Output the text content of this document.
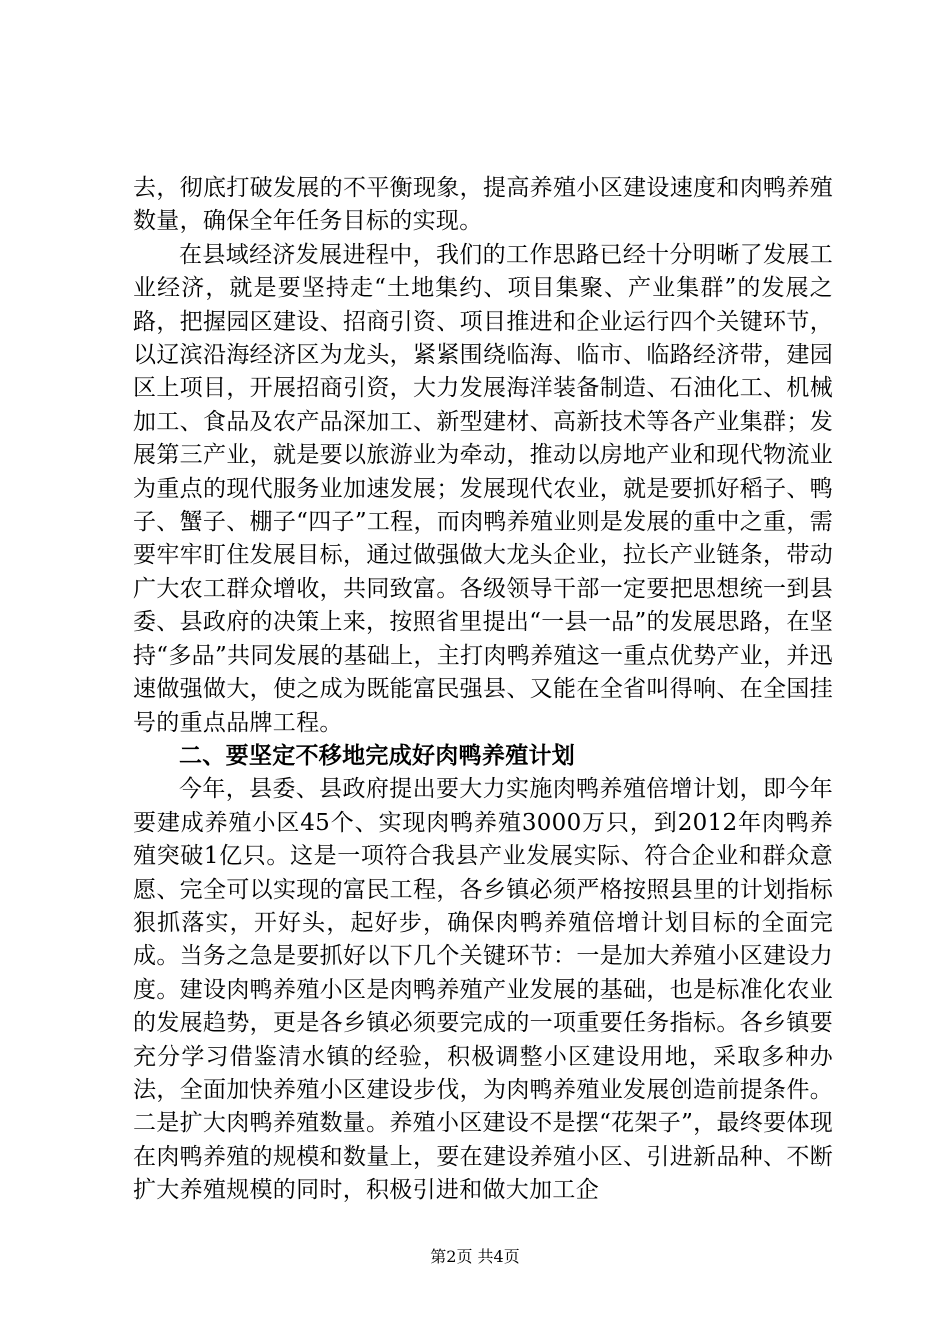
去，彻底打破发展的不平衡现象，提高养殖小区建设速度和肉鸭养殖数量，确保全年任务目标的实现。

在县域经济发展进程中，我们的工作思路已经十分明晰了发展工业经济，就是要坚持走“土地集约、项目集聚、产业集群”的发展之路，把握园区建设、招商引资、项目推进和企业运行四个关键环节，以辽滨沿海经济区为龙头，紧紧围绕临海、临市、临路经济带，建园区上项目，开展招商引资，大力发展海洋装备制造、石油化工、机械加工、食品及农产品深加工、新型建材、高新技术等各产业集群；发展第三产业，就是要以旅游业为牵动，推动以房地产业和现代物流业为重点的现代服务业加速发展；发展现代农业，就是要抓好稻子、鸭子、蟹子、棚子“四子”工程，而肉鸭养殖业则是发展的重中之重，需要牢牢盯住发展目标，通过做强做大龙头企业，拉长产业链条，带动广大农工群众增收，共同致富。各级领导干部一定要把思想统一到县委、县政府的决策上来，按照省里提出“一县一品”的发展思路，在坚持“多品”共同发展的基础上，主打肉鸭养殖这一重点优势产业，并迅速做强做大，使之成为既能富民强县、又能在全省叫得响、在全国挂号的重点品牌工程。

二、要坚定不移地完成好肉鸭养殖计划

今年，县委、县政府提出要大力实施肉鸭养殖倍增计划，即今年要建成养殖小区45个、实现肉鸭养殖3000万只，到2012年肉鸭养殖突破1亿只。这是一项符合我县产业发展实际、符合企业和群众意愿、完全可以实现的富民工程，各乡镇必须严格按照县里的计划指标狠抓落实，开好头，起好步，确保肉鸭养殖倍增计划目标的全面完成。当务之急是要抓好以下几个关键环节：一是加大养殖小区建设力度。建设肉鸭养殖小区是肉鸭养殖产业发展的基础，也是标准化农业的发展趋势，更是各乡镇必须要完成的一项重要任务指标。各乡镇要充分学习借鉴清水镇的经验，积极调整小区建设用地，采取多种办法，全面加快养殖小区建设步伐，为肉鸭养殖业发展创造前提条件。二是扩大肉鸭养殖数量。养殖小区建设不是摆“花架子”，最终要体现在肉鸭养殖的规模和数量上，要在建设养殖小区、引进新品种、不断扩大养殖规模的同时，积极引进和做大加工企

第2页 共4页
